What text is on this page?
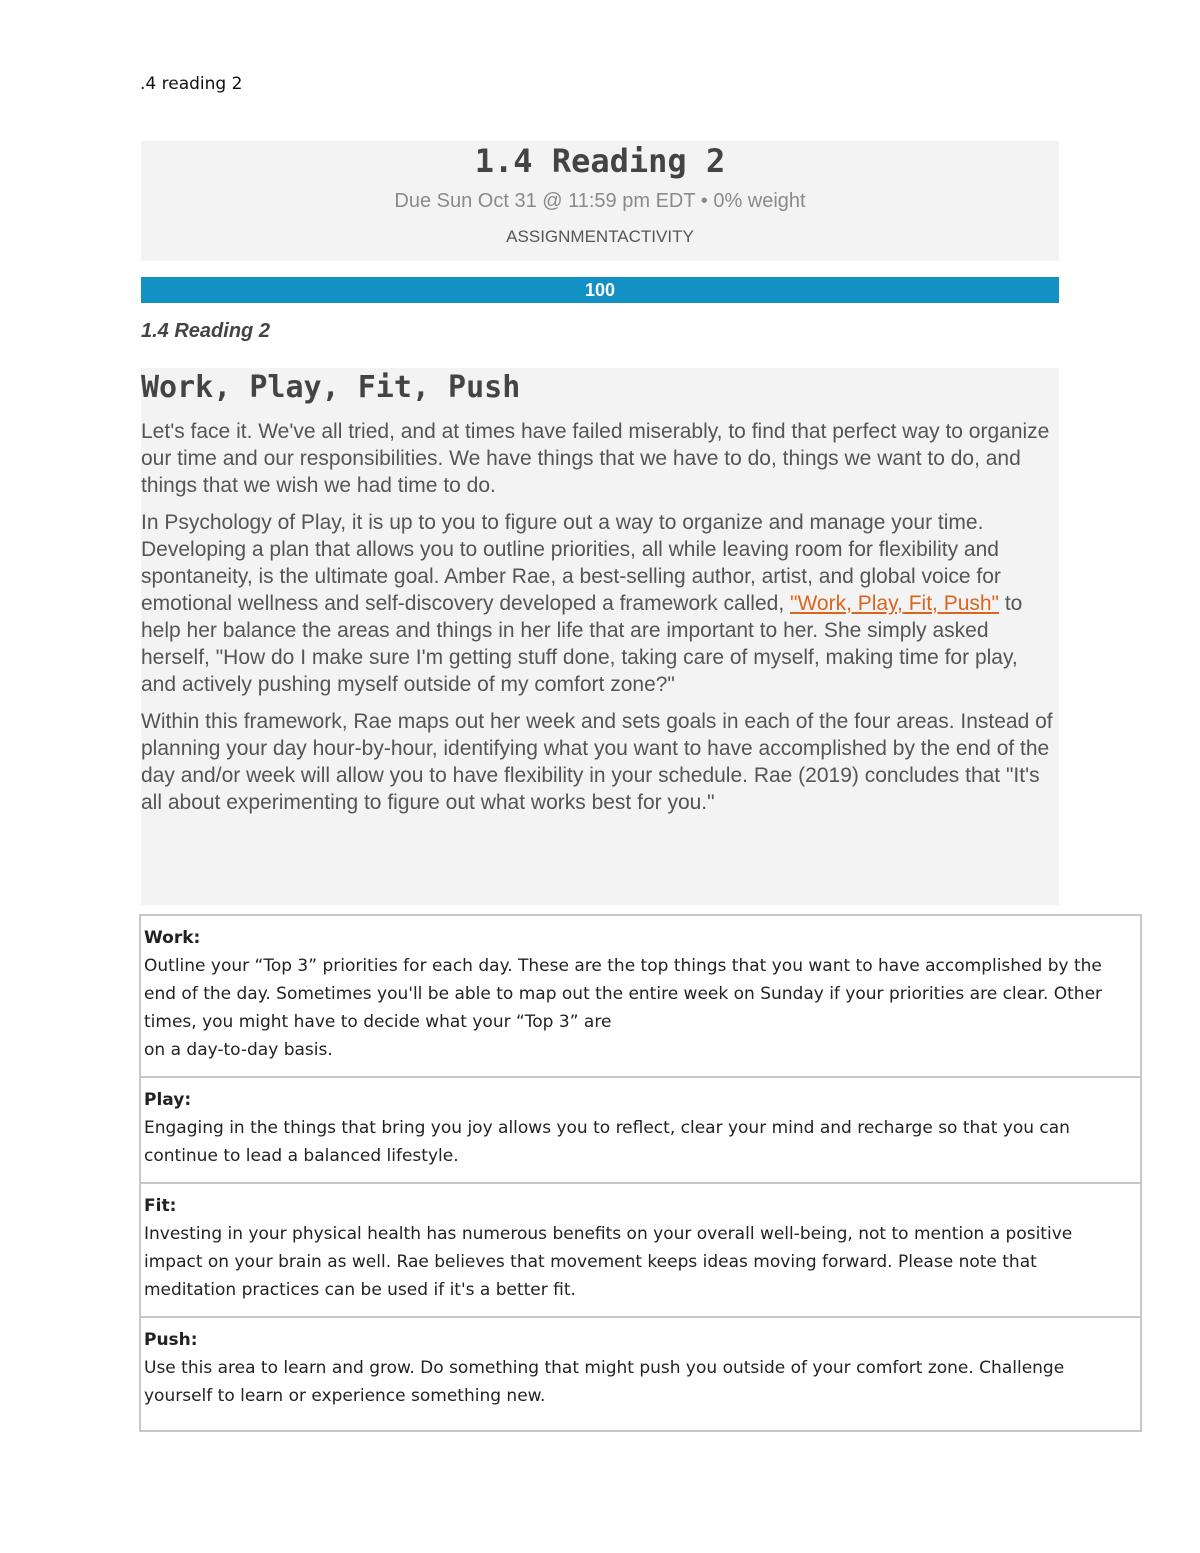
.4 reading 2
1.4 Reading 2
Due Sun Oct 31 @ 11:59 pm EDT • 0% weight
ASSIGNMENTACTIVITY
100
1.4 Reading 2
Work, Play, Fit, Push

Let's face it. We've all tried, and at times have failed miserably, to find that perfect way to organize our time and our responsibilities. We have things that we have to do, things we want to do, and things that we wish we had time to do.

In Psychology of Play, it is up to you to figure out a way to organize and manage your time. Developing a plan that allows you to outline priorities, all while leaving room for flexibility and spontaneity, is the ultimate goal. Amber Rae, a best-selling author, artist, and global voice for emotional wellness and self-discovery developed a framework called, "Work, Play, Fit, Push" to help her balance the areas and things in her life that are important to her. She simply asked herself, "How do I make sure I'm getting stuff done, taking care of myself, making time for play, and actively pushing myself outside of my comfort zone?"

Within this framework, Rae maps out her week and sets goals in each of the four areas. Instead of planning your day hour-by-hour, identifying what you want to have accomplished by the end of the day and/or week will allow you to have flexibility in your schedule. Rae (2019) concludes that "It's all about experimenting to figure out what works best for you."

Work:
Outline your “Top 3” priorities for each day. These are the top things that you want to have accomplished by the end of the day. Sometimes you'll be able to map out the entire week on Sunday if your priorities are clear. Other times, you might have to decide what your “Top 3” are
on a day-to-day basis.
Play:
Engaging in the things that bring you joy allows you to reflect, clear your mind and recharge so that you can continue to lead a balanced lifestyle.
Fit:
Investing in your physical health has numerous benefits on your overall well-being, not to mention a positive impact on your brain as well. Rae believes that movement keeps ideas moving forward. Please note that meditation practices can be used if it's a better fit.
Push:
Use this area to learn and grow. Do something that might push you outside of your comfort zone. Challenge yourself to learn or experience something new.
